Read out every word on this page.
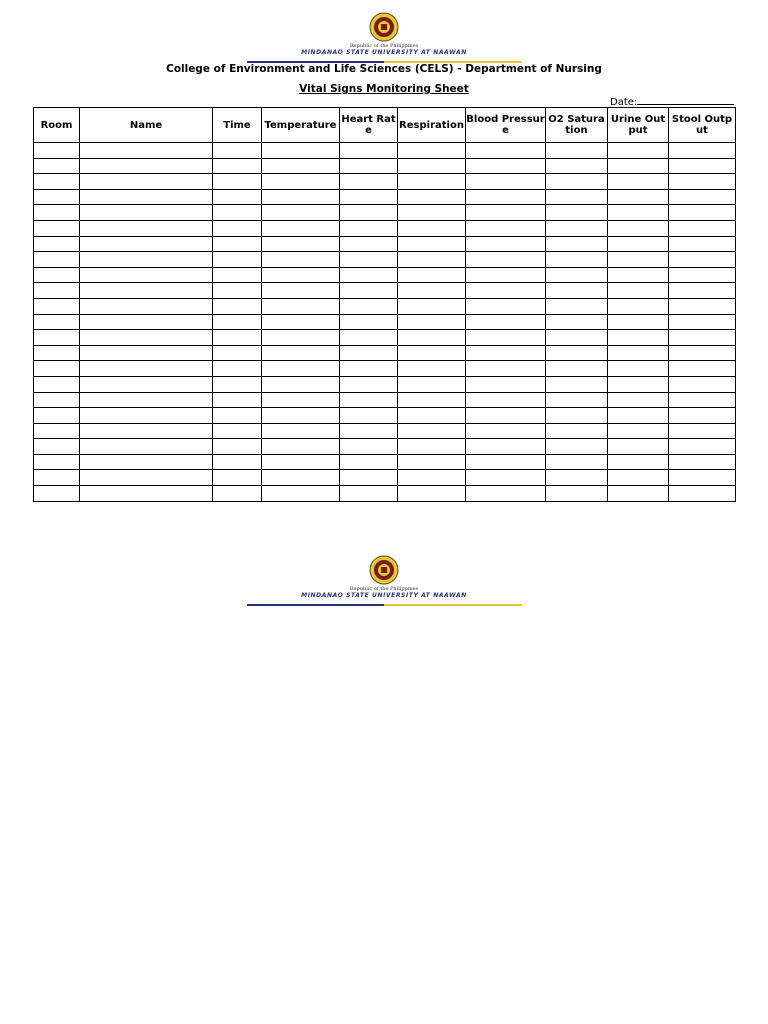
Republic of the Philippines
MINDANAO STATE UNIVERSITY AT NAAWAN
College of Environment and Life Sciences (CELS) - Department of Nursing
Vital Signs Monitoring Sheet
Date:
Room	Name	Time	Temperature	Heart Rate	Respiration	Blood Pressure	O2 Saturation	Urine Output	Stool Output

Republic of the Philippines
MINDANAO STATE UNIVERSITY AT NAAWAN
